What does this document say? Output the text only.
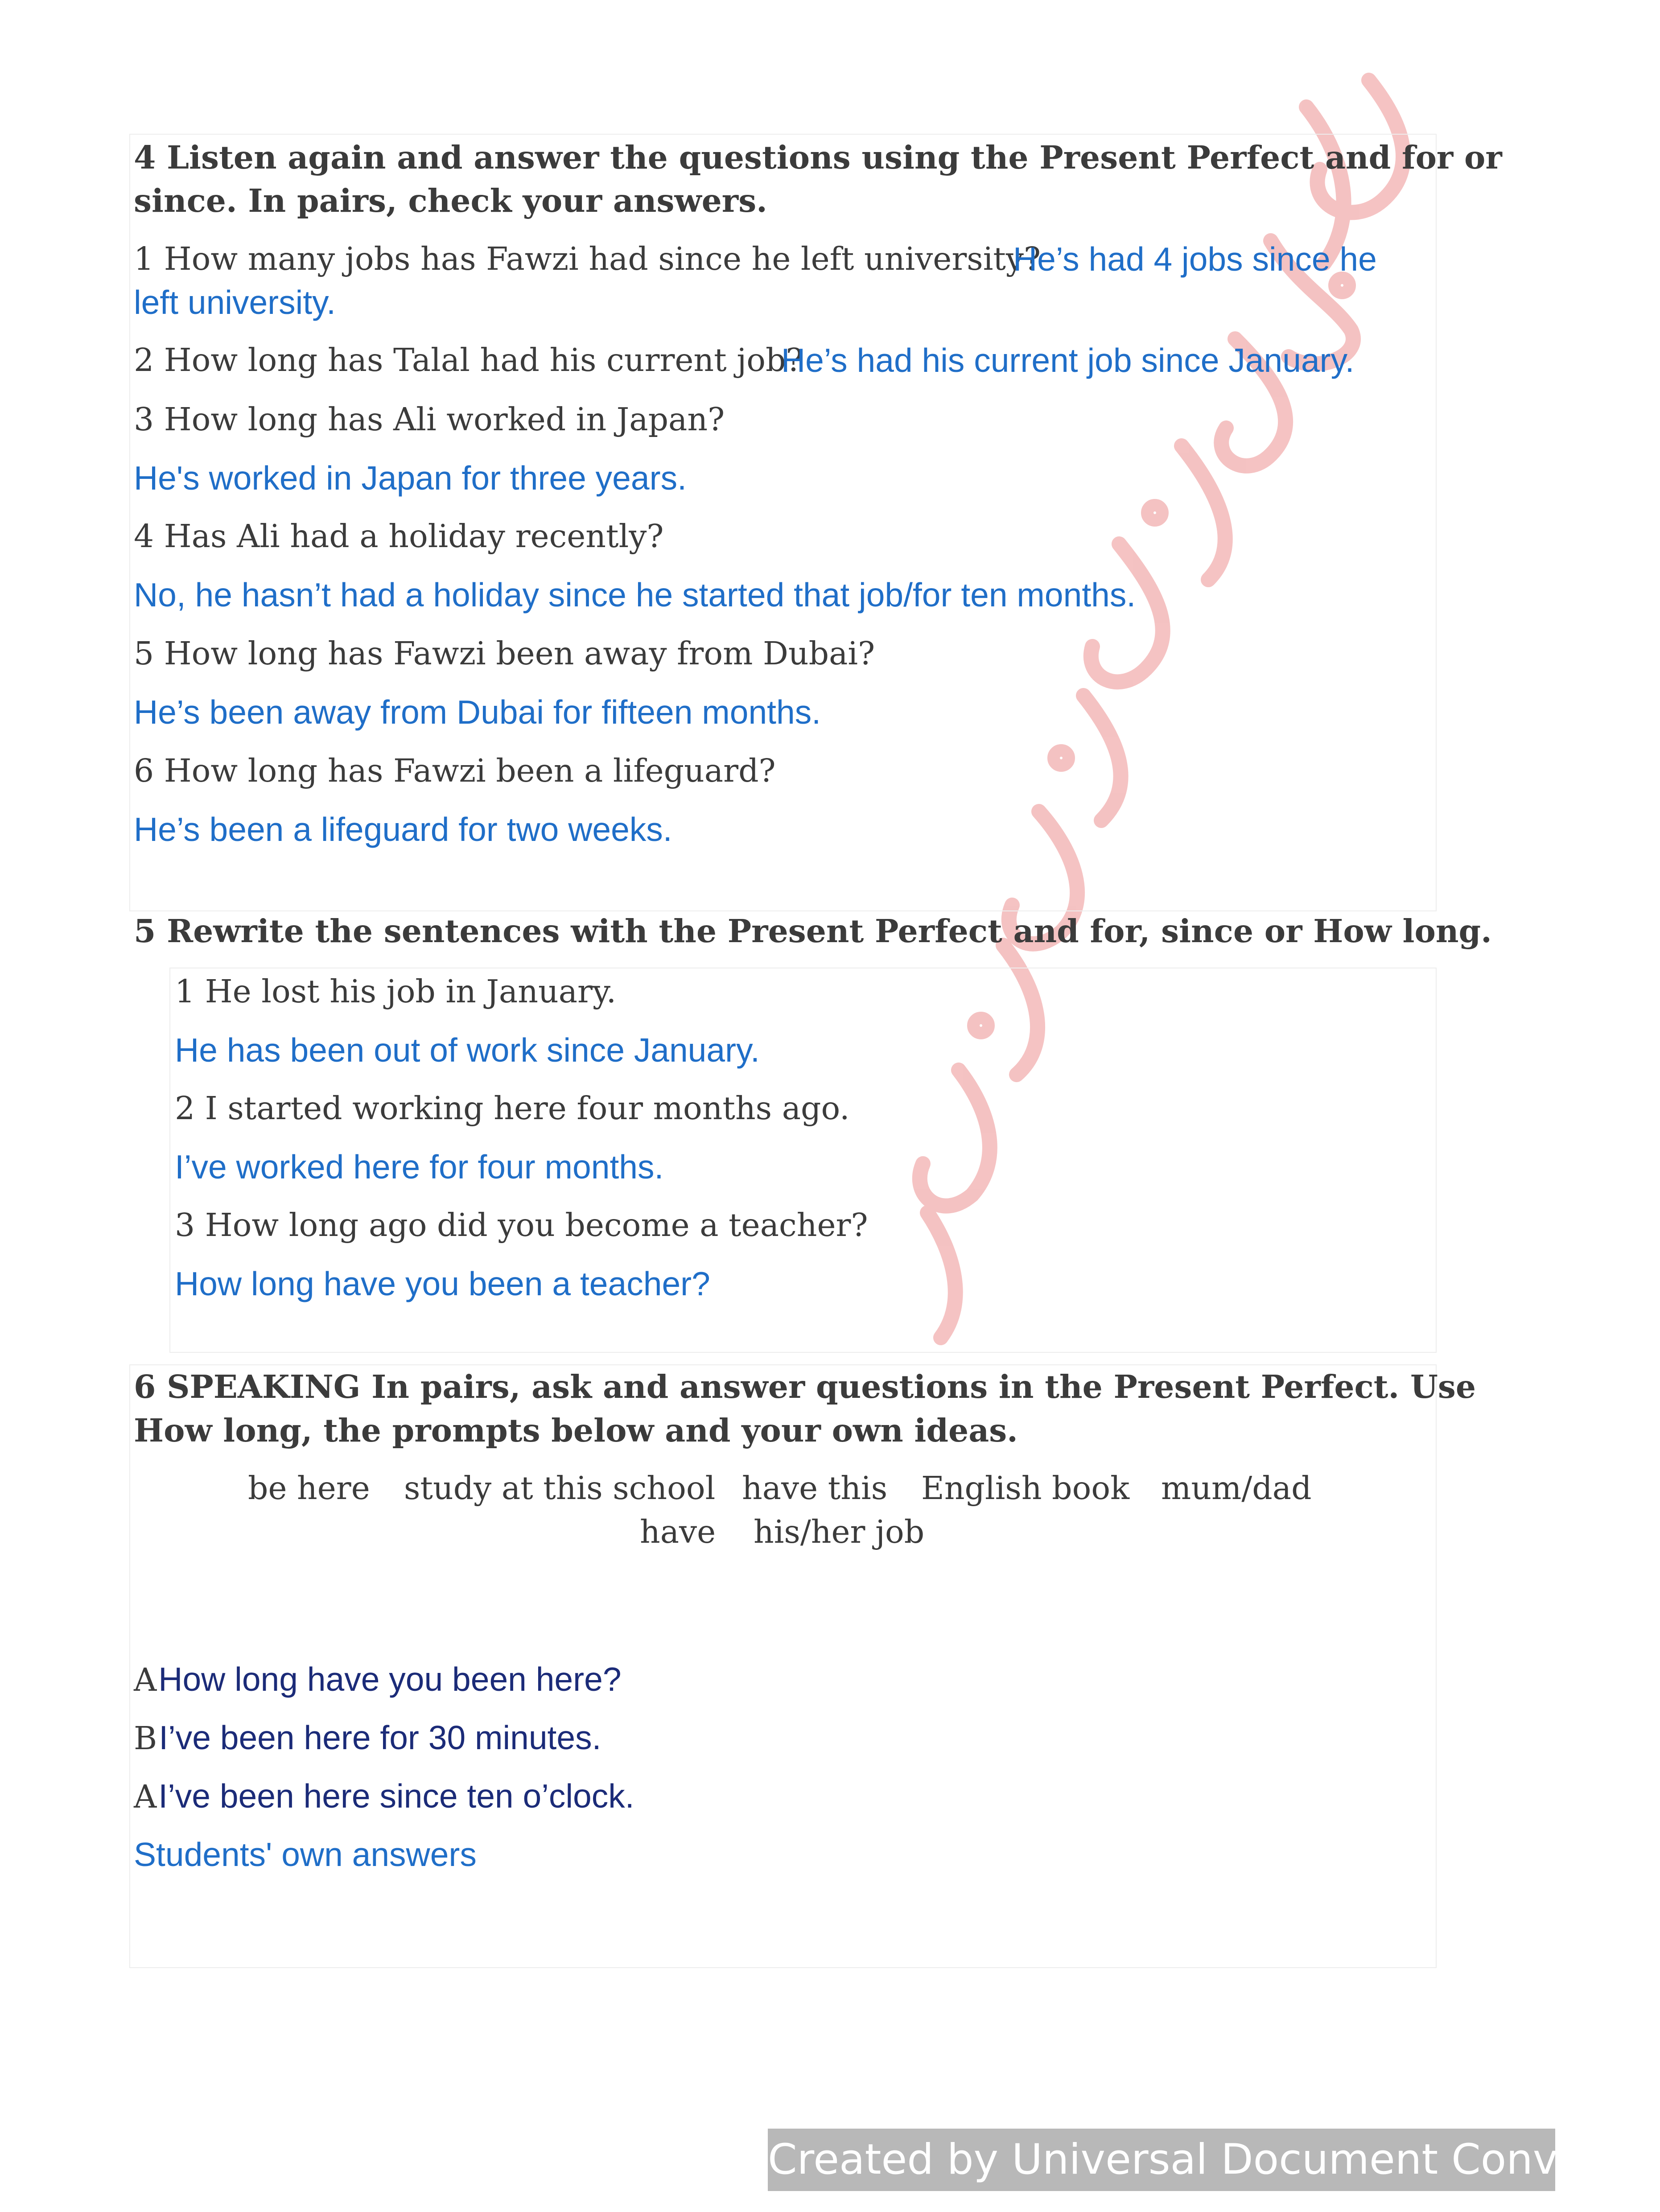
4 Listen again and answer the questions using the Present Perfect and for or
since. In pairs, check your answers.
1 How many jobs has Fawzi had since he left university?
He’s had 4 jobs since he
left university.
2 How long has Talal had his current job?
He’s had his current job since January.
3 How long has Ali worked in Japan?
He's worked in Japan for three years.
4 Has Ali had a holiday recently?
No, he hasn’t had a holiday since he started that job/for ten months.
5 How long has Fawzi been away from Dubai?
He’s been away from Dubai for fifteen months.
6 How long has Fawzi been a lifeguard?
He’s been a lifeguard for two weeks.
5 Rewrite the sentences with the Present Perfect and for, since or How long.
1 He lost his job in January.
He has been out of work since January.
2 I started working here four months ago.
I’ve worked here for four months.
3 How long ago did you become a teacher?
How long have you been a teacher?
6 SPEAKING In pairs, ask and answer questions in the Present Perfect. Use
How long, the prompts below and your own ideas.
be here study at this school have this English book mum/dad
have his/her job
A How long have you been here?
B I’ve been here for 30 minutes.
A I’ve been here since ten o’clock.
Students' own answers
Created by Universal Document Converter
